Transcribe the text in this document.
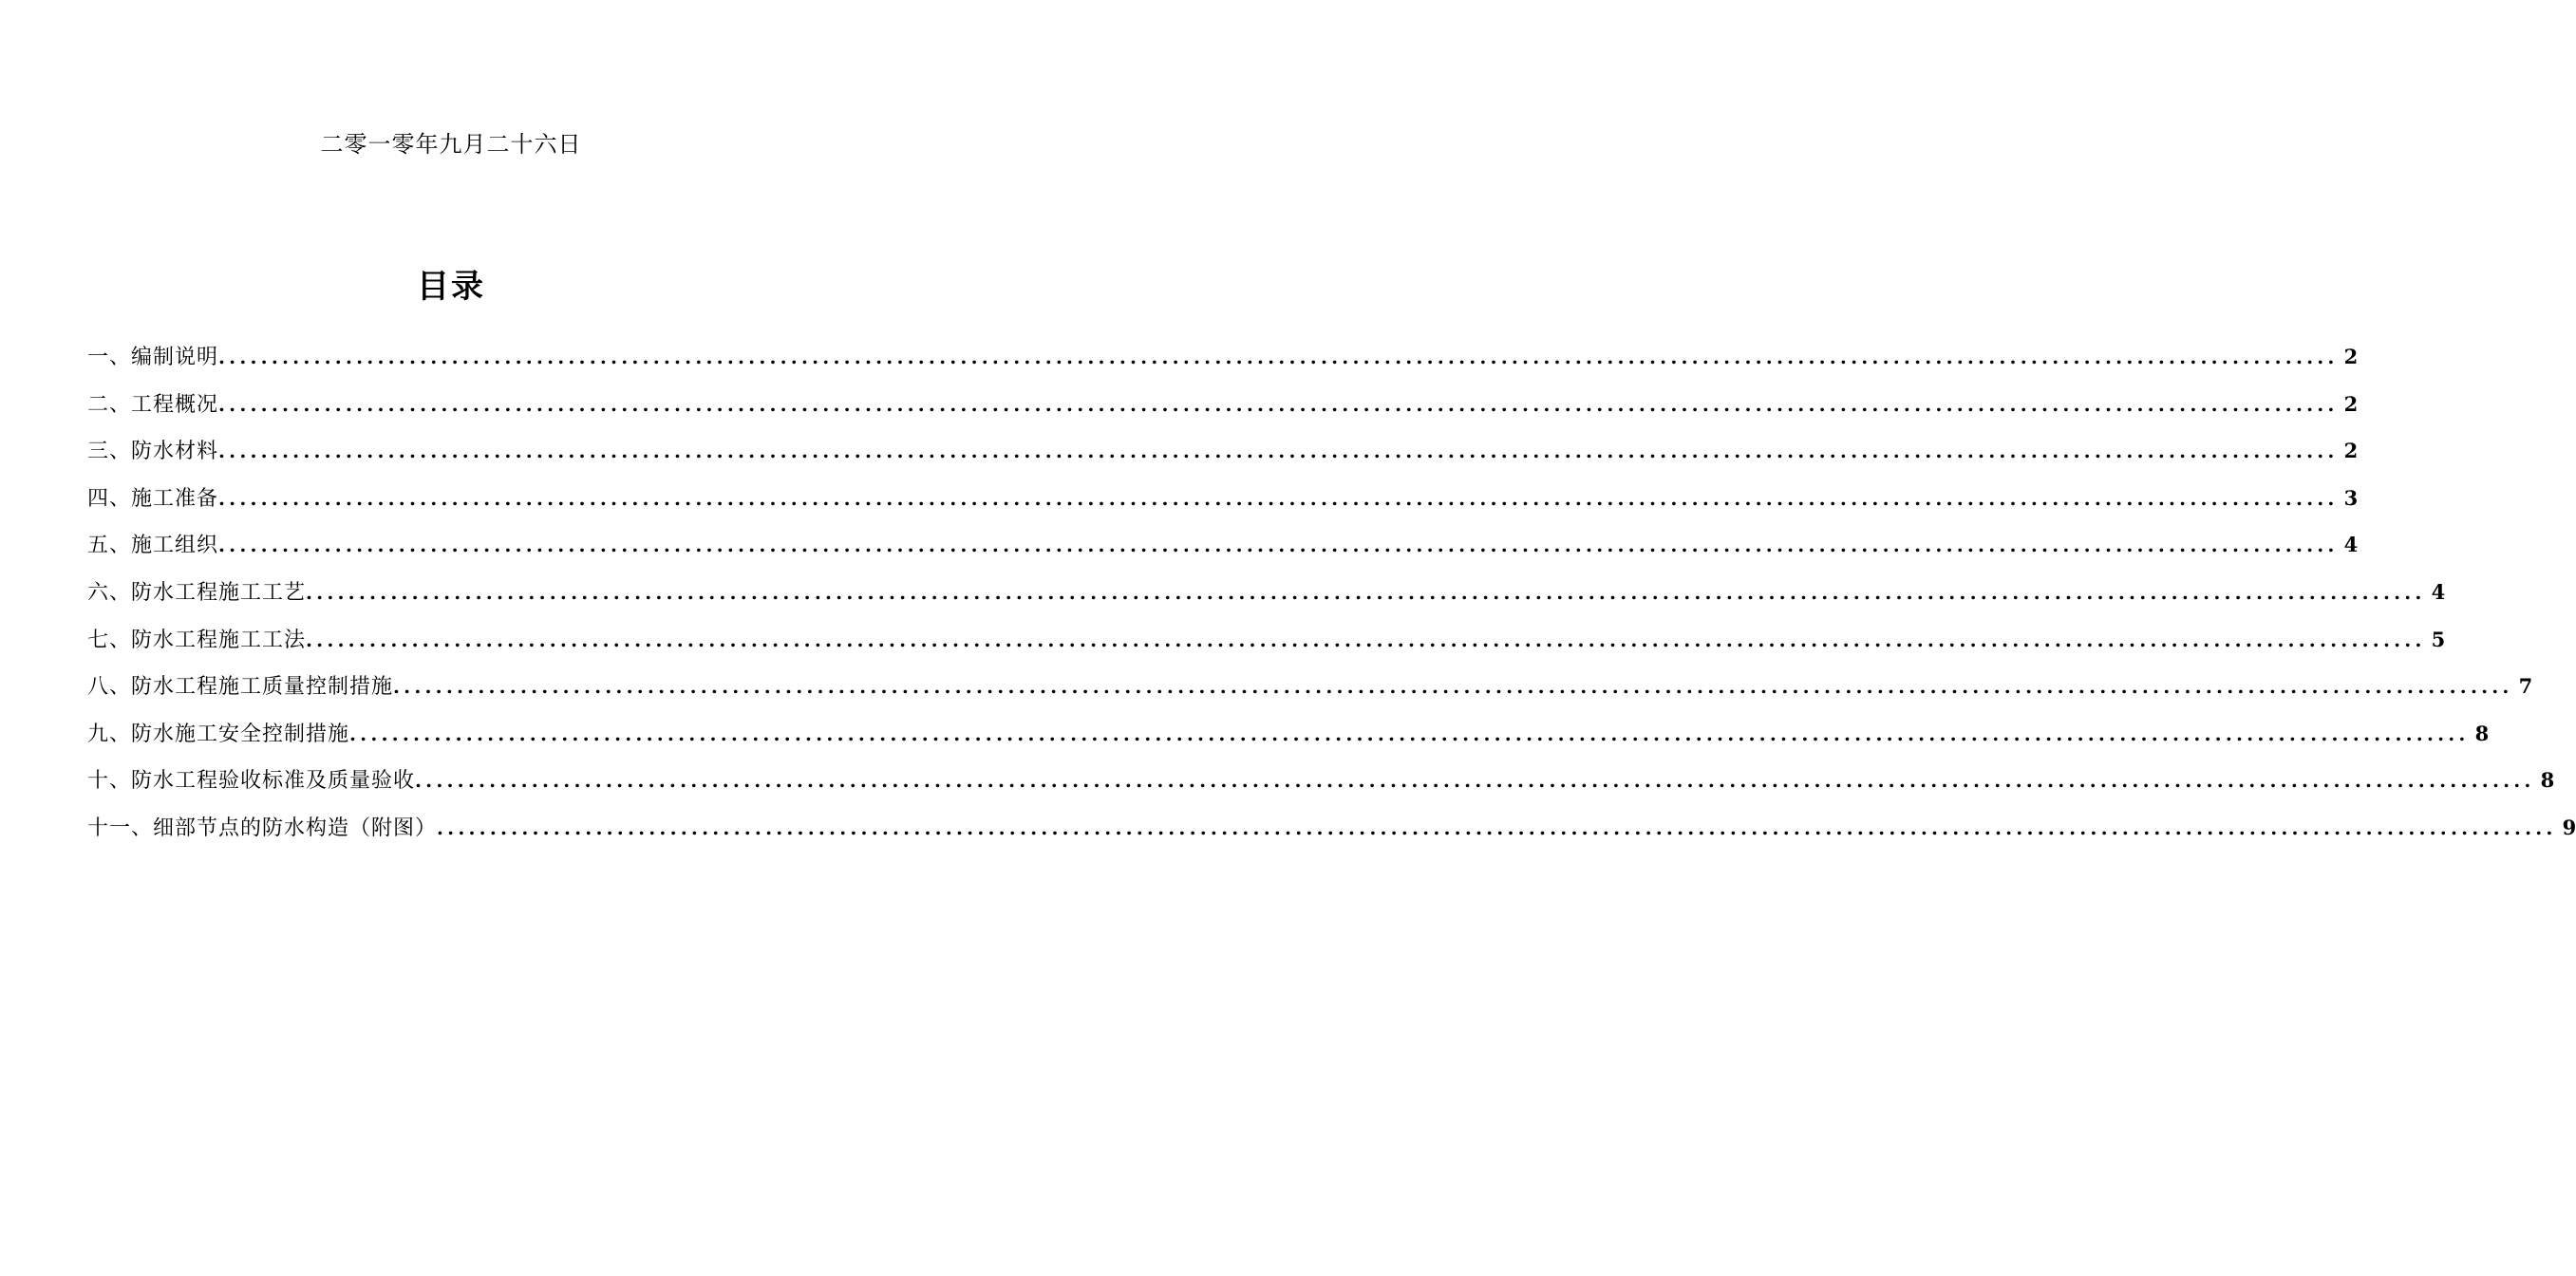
二零一零年九月二十六日
目录
一、编制说明 ........................................................................................................................................................................................................ 2
二、工程概况 ........................................................................................................................................................................................................ 2
三、防水材料 ........................................................................................................................................................................................................ 2
四、施工准备 ........................................................................................................................................................................................................ 3
五、施工组织 ........................................................................................................................................................................................................ 4
六、防水工程施工工艺 ........................................................................................................................................................................................................ 4
七、防水工程施工工法 ........................................................................................................................................................................................................ 5
八、防水工程施工质量控制措施 ........................................................................................................................................................................................................ 7
九、防水施工安全控制措施 ........................................................................................................................................................................................................ 8
十、防水工程验收标准及质量验收 ........................................................................................................................................................................................................ 8
十一、细部节点的防水构造（附图） ........................................................................................................................................................................................................ 9
